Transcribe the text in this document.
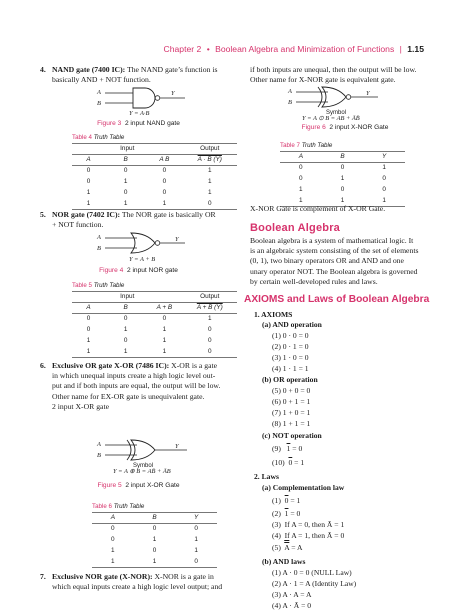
Chapter 2 • Boolean Algebra and Minimization of Functions | 1.15
4. NAND gate (7400 IC): The NAND gate’s function is
basically AND + NOT function.
A
B
Y
Y = A·B
Figure 3 2 input NAND gate
Table 4 Truth Table
Input			Output
A	B	A B	A · B (Y)
0	0	0	1
0	1	0	1
1	0	0	1
1	1	1	0
5. NOR gate (7402 IC): The NOR gate is basically OR
+ NOT function.
A
B
Y
Y = A + B
Figure 4 2 input NOR gate
Table 5 Truth Table
Input			Output
A	B	A + B	A + B (Y)
0	0	0	1
0	1	1	0
1	0	1	0
1	1	1	0
6. Exclusive OR gate X-OR (7486 IC): X-OR is a gate
in which unequal inputs create a high logic level out-
put and if both inputs are equal, the output will be low.
Other name for EX-OR gate is unequivalent gate.
2 input X-OR gate
A
B
Y
Symbol
Y = A ⊕ B = AB̄ + ĀB
Figure 5 2 input X-OR Gate
Table 6 Truth Table
A	B	Y
0	0	0
0	1	1
1	0	1
1	1	0
7. Exclusive NOR gate (X-NOR): X-NOR is a gate in
which equal inputs create a high logic level output; and
if both inputs are unequal, then the output will be low.
Other name for X-NOR gate is equivalent gate.
A
B
Y
Symbol
Y = A ⊙ B = AB + ĀB̄
Figure 6 2 input X-NOR Gate
Table 7 Truth Table
A	B	Y
0	0	1
0	1	0
1	0	0
1	1	1
X-NOR Gate is complement of X-OR Gate.
Boolean Algebra
Boolean algebra is a system of mathematical logic. It
is an algebraic system consisting of the set of elements
(0, 1), two binary operators OR and AND and one
unary operator NOT. The Boolean algebra is governed
by certain well-developed rules and laws.
AXIOMS and Laws of Boolean Algebra
1. AXIOMS
(a) AND operation
(1) 0 · 0 = 0
(2) 0 · 1 = 0
(3) 1 · 0 = 0
(4) 1 · 1 = 1
(b) OR operation
(5) 0 + 0 = 0
(6) 0 + 1 = 1
(7) 1 + 0 = 1
(8) 1 + 1 = 1
(c) NOT operation
(9) 1 = 0
(10) 0 = 1
2. Laws
(a) Complementation law
(1) 0 = 1
(2) 1 = 0
(3) If A = 0, then Ā = 1
(4) If A = 1, then Ā = 0
(5) A = A
(b) AND laws
(1) A · 0 = 0 (NULL Law)
(2) A · 1 = A (Identity Law)
(3) A · A = A
(4) A · Ā = 0
